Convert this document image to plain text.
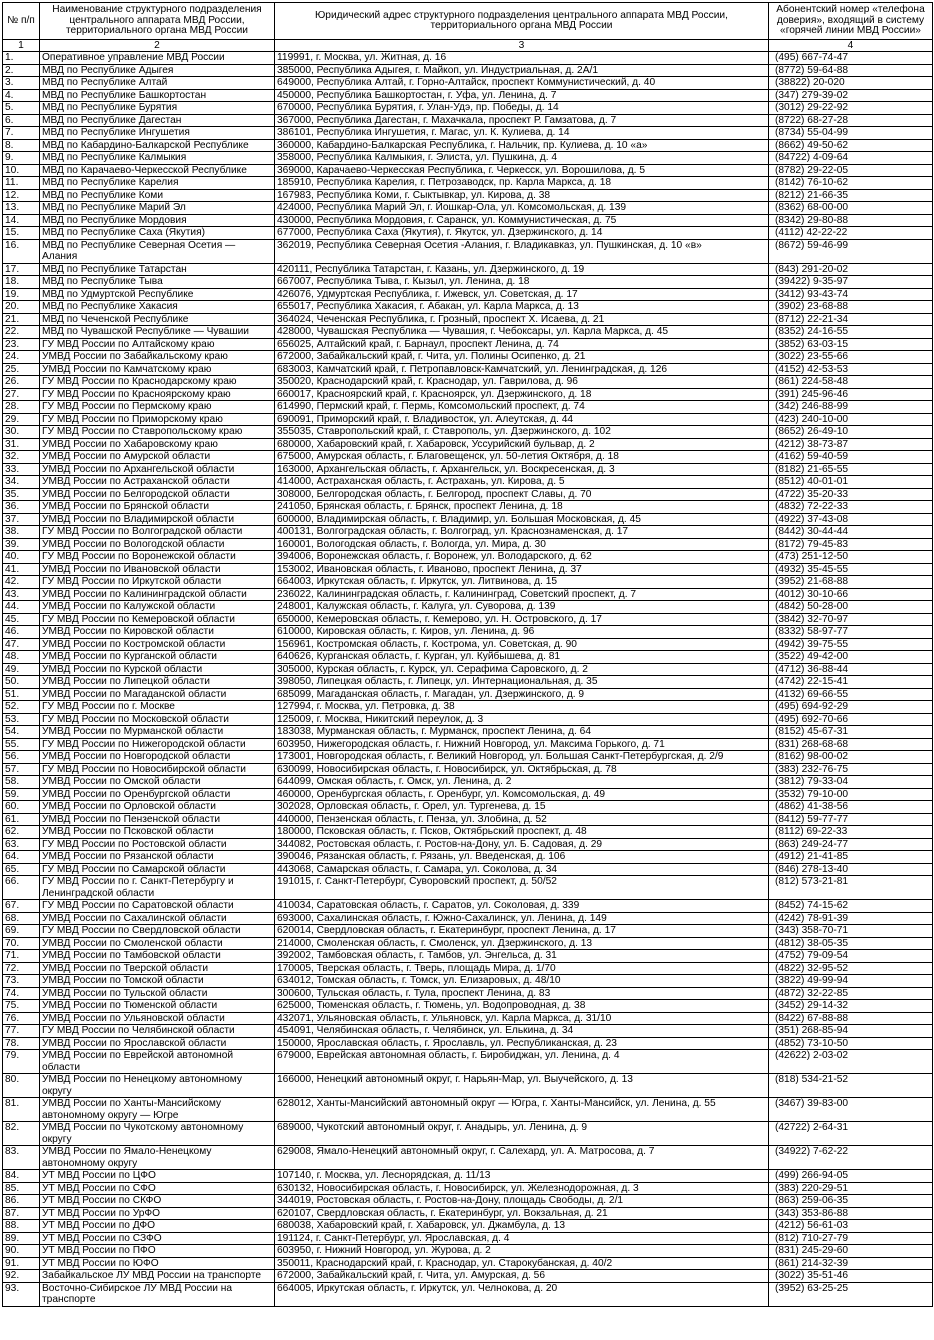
№ п/п	Наименование структурного подразделения центрального аппарата МВД России, территориального органа МВД России	Юридический адрес структурного подразделения центрального аппарата МВД России, территориального органа МВД России	Абонентский номер «телефона доверия», входящий в систему «горячей линии МВД России»
1	2	3	4
1.	Оперативное управление МВД России	119991, г. Москва, ул. Житная, д. 16	(495) 667-74-47
2.	МВД по Республике Адыгея	385000, Республика Адыгея, г. Майкоп, ул. Индустриальная, д. 2А/1	(8772) 59-64-88
3.	МВД по Республике Алтай	649000, Республика Алтай, г. Горно-Алтайск, проспект Коммунистический, д. 40	(38822) 20-020
4.	МВД по Республике Башкортостан	450000, Республика Башкортостан, г. Уфа, ул. Ленина, д. 7	(347) 279-39-02
5.	МВД по Республике Бурятия	670000, Республика Бурятия, г. Улан-Удэ, пр. Победы, д. 14	(3012) 29-22-92
6.	МВД по Республике Дагестан	367000, Республика Дагестан, г. Махачкала, проспект Р. Гамзатова, д. 7	(8722) 68-27-28
7.	МВД по Республике Ингушетия	386101, Республика Ингушетия, г. Магас, ул. К. Кулиева, д. 14	(8734) 55-04-99
8.	МВД по Кабардино-Балкарской Республике	360000, Кабардино-Балкарская Республика, г. Нальчик, пр. Кулиева, д. 10 «а»	(8662) 49-50-62
9.	МВД по Республике Калмыкия	358000, Республика Калмыкия, г. Элиста, ул. Пушкина, д. 4	(84722) 4-09-64
10.	МВД по Карачаево-Черкесской Республике	369000, Карачаево-Черкесская Республика, г. Черкесск, ул. Ворошилова, д. 5	(8782) 29-22-05
11.	МВД по Республике Карелия	185910, Республика Карелия, г. Петрозаводск, пр. Карла Маркса, д. 18	(8142) 76-10-62
12.	МВД по Республике Коми	167983, Республика Коми, г. Сыктывкар, ул. Кирова, д. 38	(8212) 21-66-35
13.	МВД по Республике Марий Эл	424000, Республика Марий Эл, г. Йошкар-Ола, ул. Комсомольская, д. 139	(8362) 68-00-00
14.	МВД по Республике Мордовия	430000, Республика Мордовия, г. Саранск, ул. Коммунистическая, д. 75	(8342) 29-80-88
15.	МВД по Республике Саха (Якутия)	677000, Республика Саха (Якутия), г. Якутск, ул. Дзержинского, д. 14	(4112) 42-22-22
16.	МВД по Республике Северная Осетия — Алания	362019, Республика Северная Осетия -Алания, г. Владикавказ, ул. Пушкинская, д. 10 «в»	(8672) 59-46-99
17.	МВД по Республике Татарстан	420111, Республика Татарстан, г. Казань, ул. Дзержинского, д. 19	(843) 291-20-02
18.	МВД по Республике Тыва	667007, Республика Тыва, г. Кызыл, ул. Ленина, д. 18	(39422) 9-35-97
19.	МВД по Удмуртской Республике	426076, Удмуртская Республика, г. Ижевск, ул. Советская, д. 17	(3412) 93-43-74
20.	МВД по Республике Хакасия	655017, Республика Хакасия, г. Абакан, ул. Карла Маркса, д. 13	(3902) 23-68-88
21.	МВД по Чеченской Республике	364024, Чеченская Республика, г. Грозный, проспект Х. Исаева, д. 21	(8712) 22-21-34
22.	МВД по Чувашской Республике — Чувашии	428000, Чувашская Республика — Чувашия, г. Чебоксары, ул. Карла Маркса, д. 45	(8352) 24-16-55
23.	ГУ МВД России по Алтайскому краю	656025, Алтайский край, г. Барнаул, проспект Ленина, д. 74	(3852) 63-03-15
24.	УМВД России по Забайкальскому краю	672000, Забайкальский край, г. Чита, ул. Полины Осипенко, д. 21	(3022) 23-55-66
25.	УМВД России по Камчатскому краю	683003, Камчатский край, г. Петропавловск-Камчатский, ул. Ленинградская, д. 126	(4152) 42-53-53
26.	ГУ МВД России по Краснодарскому краю	350020, Краснодарский край, г. Краснодар, ул. Гаврилова, д. 96	(861) 224-58-48
27.	ГУ МВД России по Красноярскому краю	660017, Красноярский край, г. Красноярск, ул. Дзержинского, д. 18	(391) 245-96-46
28.	ГУ МВД России по Пермскому краю	614990, Пермский край, г. Пермь, Комсомольский проспект, д. 74	(342) 246-88-99
29.	ГУ МВД России по Приморскому краю	690091, Приморский край, г. Владивосток, ул. Алеутская, д. 44	(423) 240-10-00
30.	ГУ МВД России по Ставропольскому краю	355035, Ставропольский край, г. Ставрополь, ул. Дзержинского, д. 102	(8652) 26-49-10
31.	УМВД России по Хабаровскому краю	680000, Хабаровский край, г. Хабаровск, Уссурийский бульвар, д. 2	(4212) 38-73-87
32.	УМВД России по Амурской области	675000, Амурская область, г. Благовещенск, ул. 50-летия Октября, д. 18	(4162) 59-40-59
33.	УМВД России по Архангельской области	163000, Архангельская область, г. Архангельск, ул. Воскресенская, д. 3	(8182) 21-65-55
34.	УМВД России по Астраханской области	414000, Астраханская область, г. Астрахань, ул. Кирова, д. 5	(8512) 40-01-01
35.	УМВД России по Белгородской области	308000, Белгородская область, г. Белгород, проспект Славы, д. 70	(4722) 35-20-33
36.	УМВД России по Брянской области	241050, Брянская область, г. Брянск, проспект Ленина, д. 18	(4832) 72-22-33
37.	УМВД России по Владимирской области	600000, Владимирская область, г. Владимир, ул. Большая Московская, д. 45	(4922) 37-43-08
38.	ГУ МВД России по Волгоградской области	400131, Волгоградская область, г. Волгоград, ул. Краснознаменская, д. 17	(8442) 30-44-44
39.	УМВД России по Вологодской области	160001, Вологодская область, г. Вологда, ул. Мира, д. 30	(8172) 79-45-83
40.	ГУ МВД России по Воронежской области	394006, Воронежская область, г. Воронеж, ул. Володарского, д. 62	(473) 251-12-50
41.	УМВД России по Ивановской области	153002, Ивановская область, г. Иваново, проспект Ленина, д. 37	(4932) 35-45-55
42.	ГУ МВД России по Иркутской области	664003, Иркутская область, г. Иркутск, ул. Литвинова, д. 15	(3952) 21-68-88
43.	УМВД России по Калининградской области	236022, Калининградская область, г. Калининград, Советский проспект, д. 7	(4012) 30-10-66
44.	УМВД России по Калужской области	248001, Калужская область, г. Калуга, ул. Суворова, д. 139	(4842) 50-28-00
45.	ГУ МВД России по Кемеровской области	650000, Кемеровская область, г. Кемерово, ул. Н. Островского, д. 17	(3842) 32-70-97
46.	УМВД России по Кировской области	610000, Кировская область, г. Киров, ул. Ленина, д. 96	(8332) 58-97-77
47.	УМВД России по Костромской области	156961, Костромская область, г. Кострома, ул. Советская, д. 90	(4942) 39-75-55
48.	УМВД России по Курганской области	640626, Курганская область, г. Курган, ул. Куйбышева, д. 81	(3522) 49-42-00
49.	УМВД России по Курской области	305000, Курская область, г. Курск, ул. Серафима Саровского, д. 2	(4712) 36-88-44
50.	УМВД России по Липецкой области	398050, Липецкая область, г. Липецк, ул. Интернациональная, д. 35	(4742) 22-15-41
51.	УМВД России по Магаданской области	685099, Магаданская область, г. Магадан, ул. Дзержинского, д. 9	(4132) 69-66-55
52.	ГУ МВД России по г. Москве	127994, г. Москва, ул. Петровка, д. 38	(495) 694-92-29
53.	ГУ МВД России по Московской области	125009, г. Москва, Никитский переулок, д. 3	(495) 692-70-66
54.	УМВД России по Мурманской области	183038, Мурманская область, г. Мурманск, проспект Ленина, д. 64	(8152) 45-67-31
55.	ГУ МВД России по Нижегородской области	603950, Нижегородская область, г. Нижний Новгород, ул. Максима Горького, д. 71	(831) 268-68-68
56.	УМВД России по Новгородской области	173001, Новгородская область, г. Великий Новгород, ул. Большая Санкт-Петербургская, д. 2/9	(8162) 98-00-02
57.	ГУ МВД России по Новосибирской области	630099, Новосибирская область, г. Новосибирск, ул. Октябрьская, д. 78	(383) 232-76-75
58.	УМВД России по Омской области	644099, Омская область, г. Омск, ул. Ленина, д. 2	(3812) 79-33-04
59.	УМВД России по Оренбургской области	460000, Оренбургская область, г. Оренбург, ул. Комсомольская, д. 49	(3532) 79-10-00
60.	УМВД России по Орловской области	302028, Орловская область, г. Орел, ул. Тургенева, д. 15	(4862) 41-38-56
61.	УМВД России по Пензенской области	440000, Пензенская область, г. Пенза, ул. Злобина, д. 52	(8412) 59-77-77
62.	УМВД России по Псковской области	180000, Псковская область, г. Псков, Октябрьский проспект, д. 48	(8112) 69-22-33
63.	ГУ МВД России по Ростовской области	344082, Ростовская область, г. Ростов-на-Дону, ул. Б. Садовая, д. 29	(863) 249-24-77
64.	УМВД России по Рязанской области	390046, Рязанская область, г. Рязань, ул. Введенская, д. 106	(4912) 21-41-85
65.	ГУ МВД России по Самарской области	443068, Самарская область, г. Самара, ул. Соколова, д. 34	(846) 278-13-40
66.	ГУ МВД России по г. Санкт-Петербургу и Ленинградской области	191015, г. Санкт-Петербург, Суворовский проспект, д. 50/52	(812) 573-21-81
67.	ГУ МВД России по Саратовской области	410034, Саратовская область, г. Саратов, ул. Соколовая, д. 339	(8452) 74-15-62
68.	УМВД России по Сахалинской области	693000, Сахалинская область, г. Южно-Сахалинск, ул. Ленина, д. 149	(4242) 78-91-39
69.	ГУ МВД России по Свердловской области	620014, Свердловская область, г. Екатеринбург, проспект Ленина, д. 17	(343) 358-70-71
70.	УМВД России по Смоленской области	214000, Смоленская область, г. Смоленск, ул. Дзержинского, д. 13	(4812) 38-05-35
71.	УМВД России по Тамбовской области	392002, Тамбовская область, г. Тамбов, ул. Энгельса, д. 31	(4752) 79-09-54
72.	УМВД России по Тверской области	170005, Тверская область, г. Тверь, площадь Мира, д. 1/70	(4822) 32-95-52
73.	УМВД России по Томской области	634012, Томская область, г. Томск, ул. Елизаровых, д. 48/10	(3822) 49-99-94
74.	УМВД России по Тульской области	300600, Тульская область, г. Тула, проспект Ленина, д. 83	(4872) 32-22-85
75.	УМВД России по Тюменской области	625000, Тюменская область, г. Тюмень, ул. Водопроводная, д. 38	(3452) 29-14-32
76.	УМВД России по Ульяновской области	432071, Ульяновская область, г. Ульяновск, ул. Карла Маркса, д. 31/10	(8422) 67-88-88
77.	ГУ МВД России по Челябинской области	454091, Челябинская область, г. Челябинск, ул. Елькина, д. 34	(351) 268-85-94
78.	УМВД России по Ярославской области	150000, Ярославская область, г. Ярославль, ул. Республиканская, д. 23	(4852) 73-10-50
79.	УМВД России по Еврейской автономной области	679000, Еврейская автономная область, г. Биробиджан, ул. Ленина, д. 4	(42622) 2-03-02
80.	УМВД России по Ненецкому автономному округу	166000, Ненецкий автономный округ, г. Нарьян-Мар, ул. Выучейского, д. 13	(818) 534-21-52
81.	УМВД России по Ханты-Мансийскому автономному округу — Югре	628012, Ханты-Мансийский автономный округ — Югра, г. Ханты-Мансийск, ул. Ленина, д. 55	(3467) 39-83-00
82.	УМВД России по Чукотскому автономному округу	689000, Чукотский автономный округ, г. Анадырь, ул. Ленина, д. 9	(42722) 2-64-31
83.	УМВД России по Ямало-Ненецкому автономному округу	629008, Ямало-Ненецкий автономный округ, г. Салехард, ул. А. Матросова, д. 7	(34922) 7-62-22
84.	УТ МВД России по ЦФО	107140, г. Москва, ул. Леснорядская, д. 11/13	(499) 266-94-05
85.	УТ МВД России по СФО	630132, Новосибирская область, г. Новосибирск, ул. Железнодорожная, д. 3	(383) 220-29-51
86.	УТ МВД России по СКФО	344019, Ростовская область, г. Ростов-на-Дону, площадь Свободы, д. 2/1	(863) 259-06-35
87.	УТ МВД России по УрФО	620107, Свердловская область, г. Екатеринбург, ул. Вокзальная, д. 21	(343) 353-86-88
88.	УТ МВД России по ДФО	680038, Хабаровский край, г. Хабаровск, ул. Джамбула, д. 13	(4212) 56-61-03
89.	УТ МВД России по СЗФО	191124, г. Санкт-Петербург, ул. Ярославская, д. 4	(812) 710-27-79
90.	УТ МВД России по ПФО	603950, г. Нижний Новгород, ул. Журова, д. 2	(831) 245-29-60
91.	УТ МВД России по ЮФО	350011, Краснодарский край, г. Краснодар, ул. Старокубанская, д. 40/2	(861) 214-32-39
92.	Забайкальское ЛУ МВД России на транспорте	672000, Забайкальский край, г. Чита, ул. Амурская, д. 56	(3022) 35-51-46
93.	Восточно-Сибирское ЛУ МВД России на транспорте	664005, Иркутская область, г. Иркутск, ул. Челнокова, д. 20	(3952) 63-25-25
